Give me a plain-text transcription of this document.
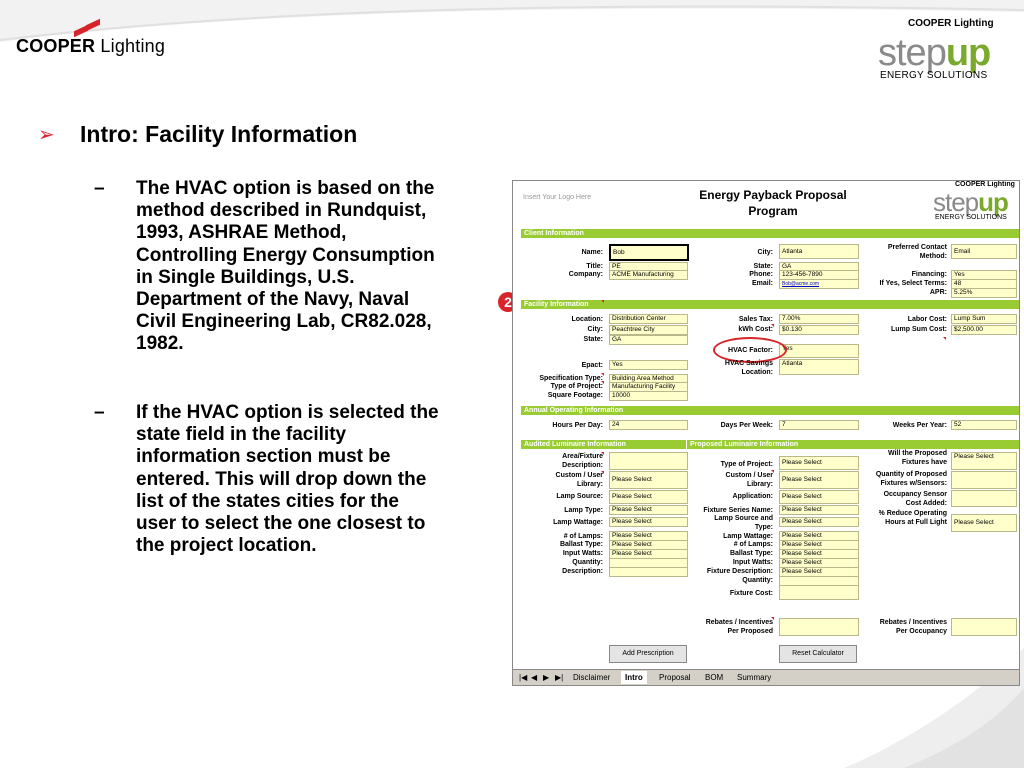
COOPER Lighting
COOPER Lighting
stepup
ENERGY SOLUTIONS
➢ Intro: Facility Information
– The HVAC option is based on the method described in Rundquist, 1993, ASHRAE Method, Controlling Energy Consumption in Single Buildings, U.S. Department of the Navy, Naval Civil Engineering Lab, CR82.028, 1982.
– If the HVAC option is selected the state field in the facility information section must be entered. This will drop down the list of the states cities for the user to select the one closest to the project location.
2
Insert Your Logo Here	Energy Payback Proposal
Program
COOPER Lighting
stepup
ENERGY SOLUTIONS
Client Information
Name:	Bob
Title:	PE
Company:	ACME Manufacturing
City:	Atlanta
State:	GA
Phone:	123-456-7890
Email:	Bob@acme.com
Preferred Contact
Method:
Email
Financing:	Yes
If Yes, Select Terms:	48
APR:	5.25%
Facility Information
Location:	Distribution Center
City:	Peachtree City
State:	GA
Epact:	Yes
Specification Type:	Building Area Method
Type of Project:	Manufacturing Facility
Square Footage:	10000
Sales Tax:	7.00%
kWh Cost:	$0.130
HVAC Factor:	Yes
HVAC Savings
Location:
Atlanta
Labor Cost:	Lump Sum
Lump Sum Cost:	$2,500.00
Annual Operating Information
Hours Per Day:	24	Days Per Week:	7	Weeks Per Year:	52
Audited Luminaire Information	Proposed Luminaire Information
Area/Fixture
Description:
Custom / User
Library:
Please Select
Lamp Source:	Please Select
Lamp Type:	Please Select
Lamp Wattage:	Please Select
# of Lamps:	Please Select
Ballast Type:	Please Select
Input Watts:	Please Select
Quantity:
Description:
Type of Project:	Please Select
Custom / User
Library:
Please Select
Application:	Please Select
Fixture Series Name:	Please Select
Lamp Source and
Type:
Please Select
Lamp Wattage:	Please Select
# of Lamps:	Please Select
Ballast Type:	Please Select
Input Watts:	Please Select
Fixture Description:	Please Select
Quantity:
Fixture Cost:
Rebates / Incentives
Per Proposed
Will the Proposed
Fixtures have
Please Select
Quantity of Proposed
Fixtures w/Sensors:
Occupancy Sensor
Cost Added:
% Reduce Operating
Hours at Full Light	Please Select
Rebates / Incentives
Per Occupancy
Add Prescription	Reset Calculator
|◀ ◀ ▶ ▶|	Disclaimer	Intro	Proposal	BOM	Summary
